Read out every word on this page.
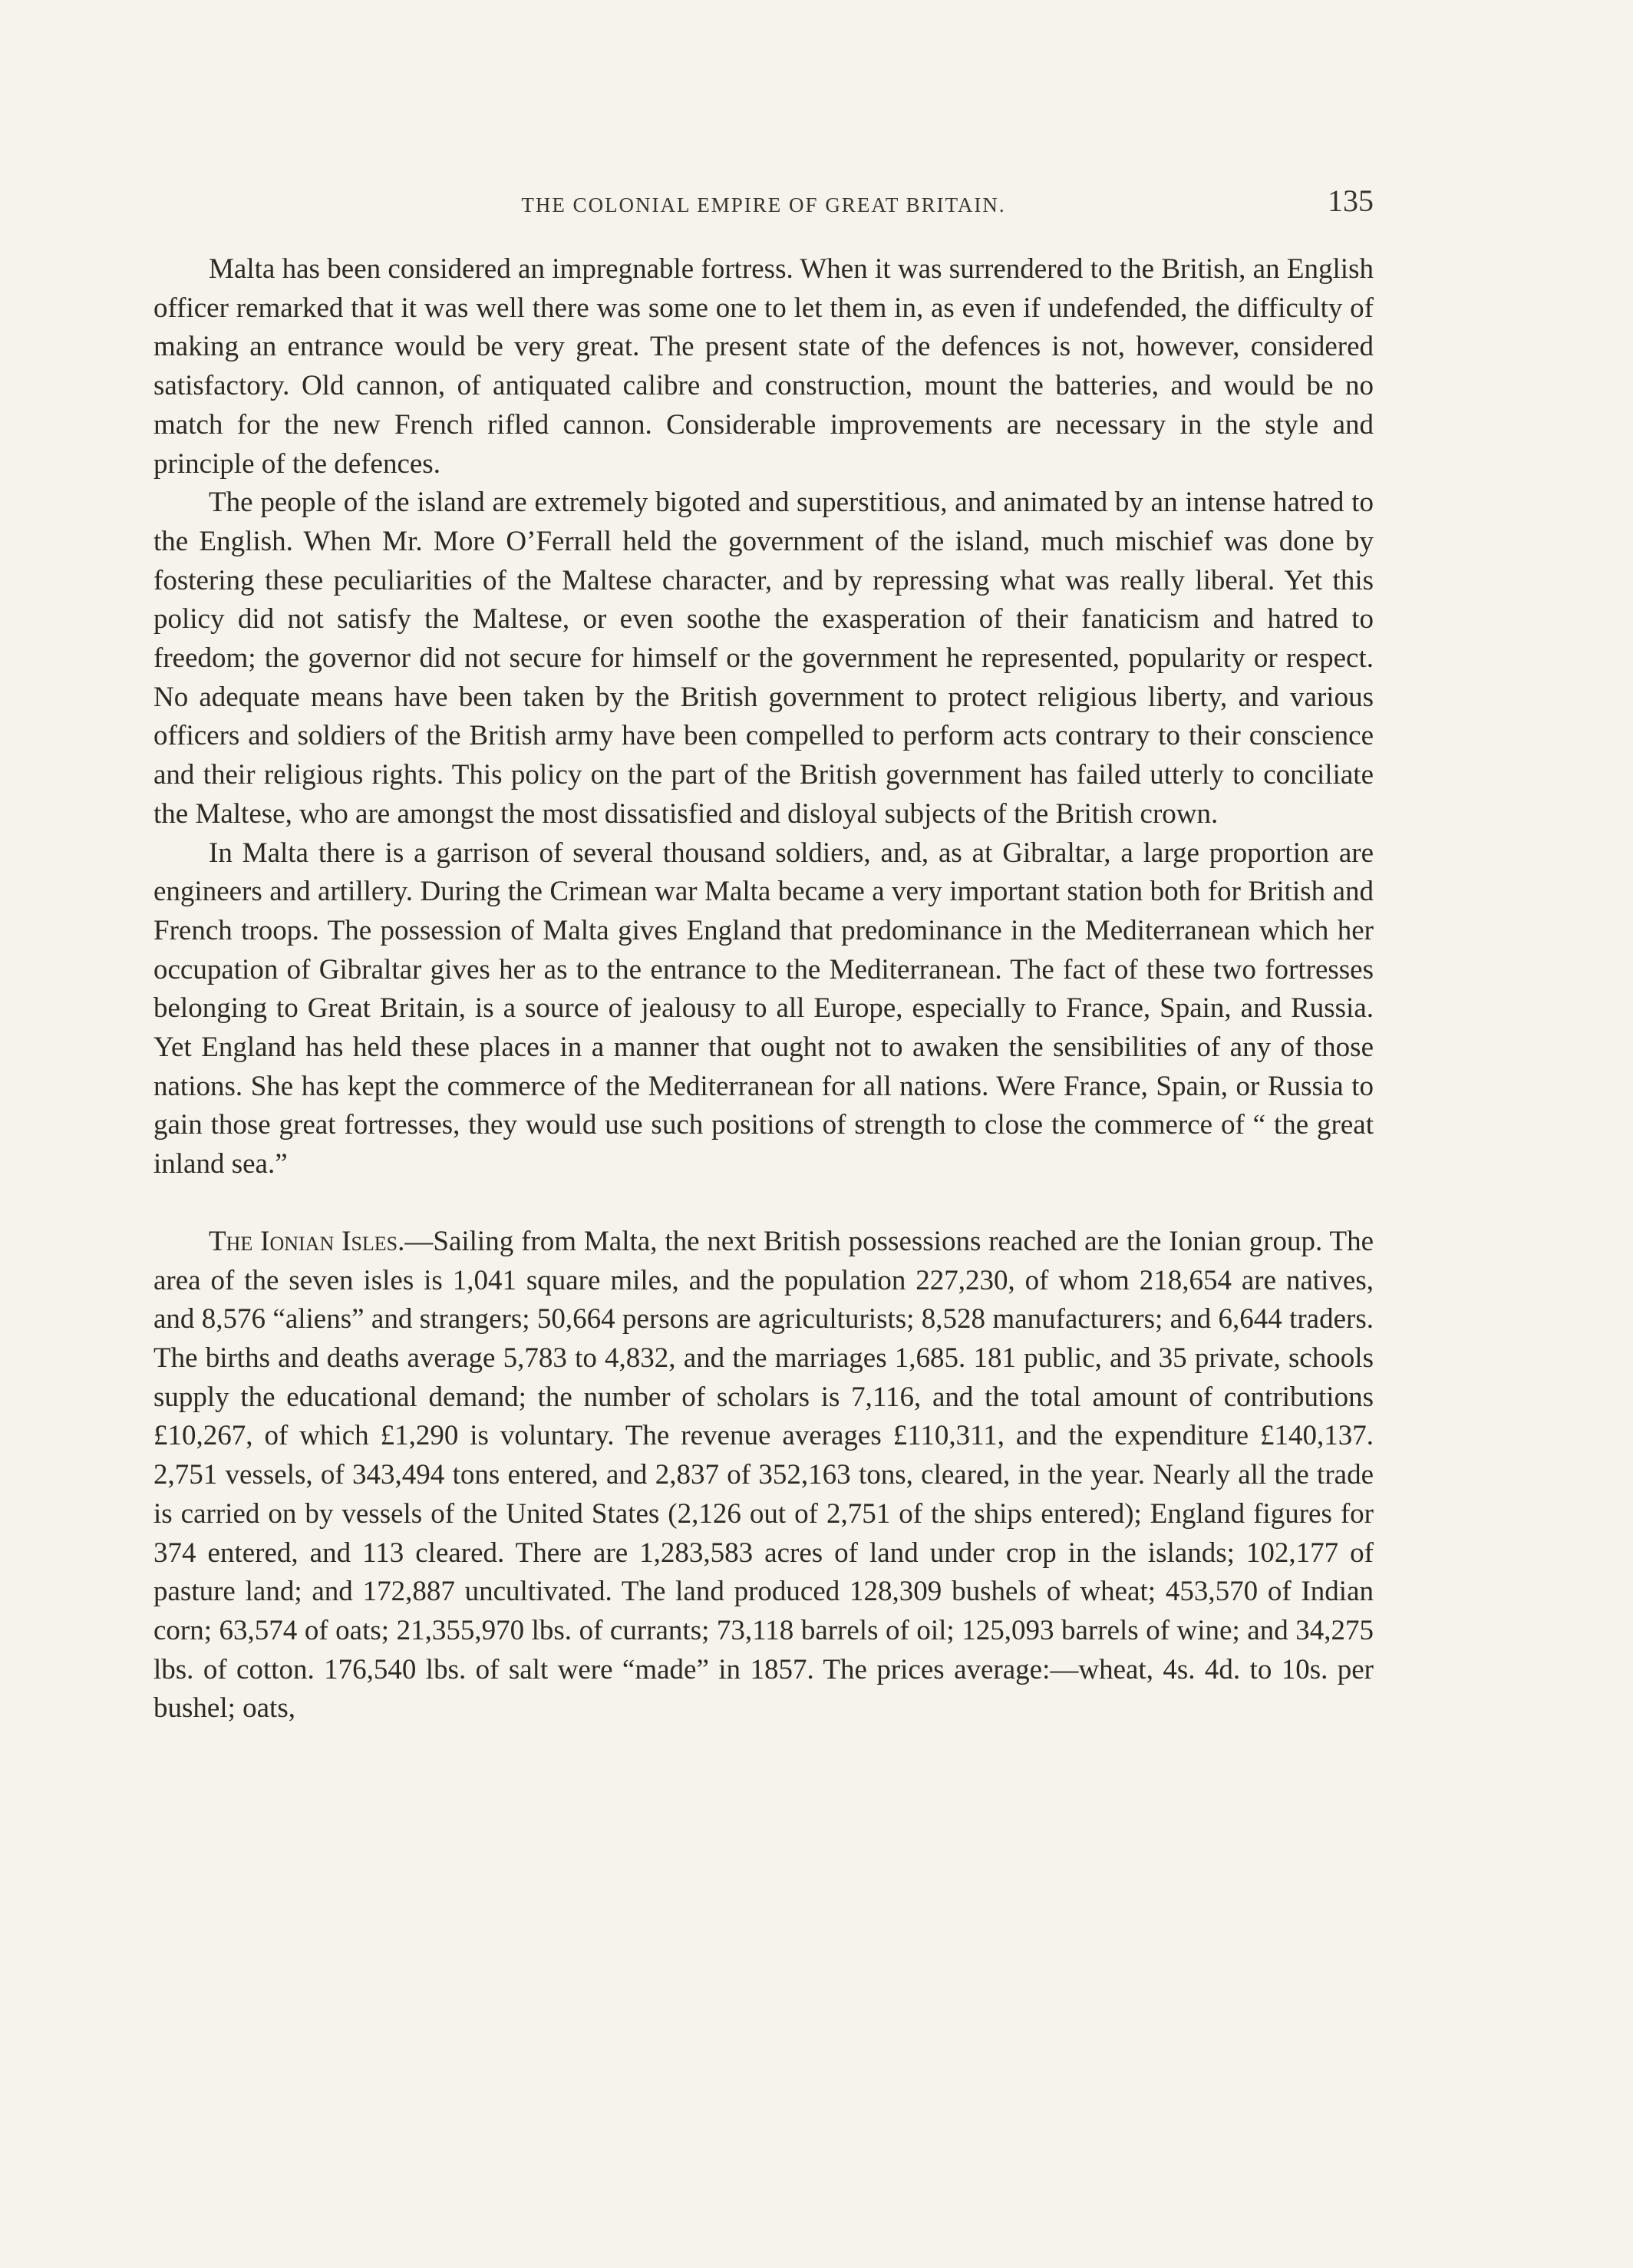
THE COLONIAL EMPIRE OF GREAT BRITAIN.	135

Malta has been considered an impregnable fortress. When it was surrendered to the British, an English officer remarked that it was well there was some one to let them in, as even if undefended, the difficulty of making an entrance would be very great. The present state of the defences is not, however, considered satisfactory. Old cannon, of antiquated calibre and construction, mount the batteries, and would be no match for the new French rifled cannon. Considerable improvements are necessary in the style and principle of the defences.

The people of the island are extremely bigoted and superstitious, and animated by an intense hatred to the English. When Mr. More O’Ferrall held the government of the island, much mischief was done by fostering these peculiarities of the Maltese character, and by repressing what was really liberal. Yet this policy did not satisfy the Maltese, or even soothe the exasperation of their fanaticism and hatred to freedom; the governor did not secure for himself or the government he represented, popularity or respect. No adequate means have been taken by the British government to protect religious liberty, and various officers and soldiers of the British army have been compelled to perform acts contrary to their conscience and their religious rights. This policy on the part of the British government has failed utterly to conciliate the Maltese, who are amongst the most dissatisfied and disloyal subjects of the British crown.

In Malta there is a garrison of several thousand soldiers, and, as at Gibraltar, a large proportion are engineers and artillery. During the Crimean war Malta became a very important station both for British and French troops. The possession of Malta gives England that predominance in the Mediterranean which her occupation of Gibraltar gives her as to the entrance to the Mediterranean. The fact of these two fortresses belonging to Great Britain, is a source of jealousy to all Europe, especially to France, Spain, and Russia. Yet England has held these places in a manner that ought not to awaken the sensibilities of any of those nations. She has kept the commerce of the Mediterranean for all nations. Were France, Spain, or Russia to gain those great fortresses, they would use such positions of strength to close the commerce of “ the great inland sea.”

The Ionian Isles.—Sailing from Malta, the next British possessions reached are the Ionian group. The area of the seven isles is 1,041 square miles, and the population 227,230, of whom 218,654 are natives, and 8,576 “aliens” and strangers; 50,664 persons are agriculturists; 8,528 manufacturers; and 6,644 traders. The births and deaths average 5,783 to 4,832, and the marriages 1,685. 181 public, and 35 private, schools supply the educational demand; the number of scholars is 7,116, and the total amount of contributions £10,267, of which £1,290 is voluntary. The revenue averages £110,311, and the expenditure £140,137. 2,751 vessels, of 343,494 tons entered, and 2,837 of 352,163 tons, cleared, in the year. Nearly all the trade is carried on by vessels of the United States (2,126 out of 2,751 of the ships entered); England figures for 374 entered, and 113 cleared. There are 1,283,583 acres of land under crop in the islands; 102,177 of pasture land; and 172,887 uncultivated. The land produced 128,309 bushels of wheat; 453,570 of Indian corn; 63,574 of oats; 21,355,970 lbs. of currants; 73,118 barrels of oil; 125,093 barrels of wine; and 34,275 lbs. of cotton. 176,540 lbs. of salt were “made” in 1857. The prices average:—wheat, 4s. 4d. to 10s. per bushel; oats,
